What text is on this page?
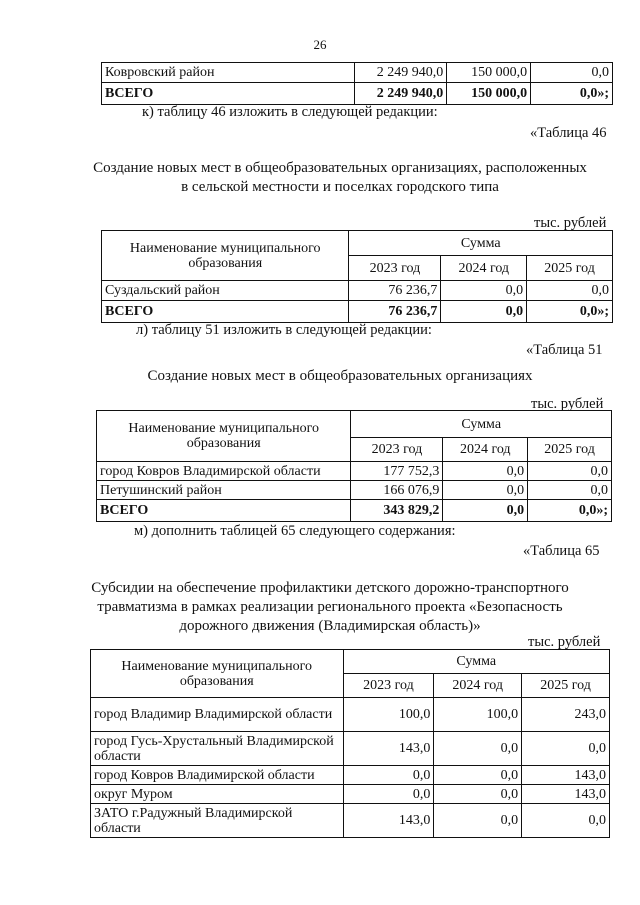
26
Ковровский район	2 249 940,0	150 000,0	0,0
ВСЕГО	2 249 940,0	150 000,0	0,0»;
к) таблицу 46 изложить в следующей редакции:
«Таблица 46
Создание новых мест в общеобразовательных организациях, расположенных
в сельской местности и поселках городского типа
тыс. рублей
Наименование муниципального образования	Сумма		
	2023 год	2024 год	2025 год
Суздальский район	76 236,7	0,0	0,0
ВСЕГО	76 236,7	0,0	0,0»;
л) таблицу 51 изложить в следующей редакции:
«Таблица 51
Создание новых мест в общеобразовательных организациях
тыс. рублей
Наименование муниципального образования	Сумма		
	2023 год	2024 год	2025 год
город Ковров Владимирской области	177 752,3	0,0	0,0
Петушинский район	166 076,9	0,0	0,0
ВСЕГО	343 829,2	0,0	0,0»;
м) дополнить таблицей 65 следующего содержания:
«Таблица 65
Субсидии на обеспечение профилактики детского дорожно-транспортного
травматизма в рамках реализации регионального проекта «Безопасность
дорожного движения (Владимирская область)»
тыс. рублей
Наименование муниципального образования	Сумма		
	2023 год	2024 год	2025 год
город Владимир Владимирской области	100,0	100,0	243,0
город Гусь-Хрустальный Владимирской области	143,0	0,0	0,0
город Ковров Владимирской области	0,0	0,0	143,0
округ Муром	0,0	0,0	143,0
ЗАТО г.Радужный Владимирской области	143,0	0,0	0,0
